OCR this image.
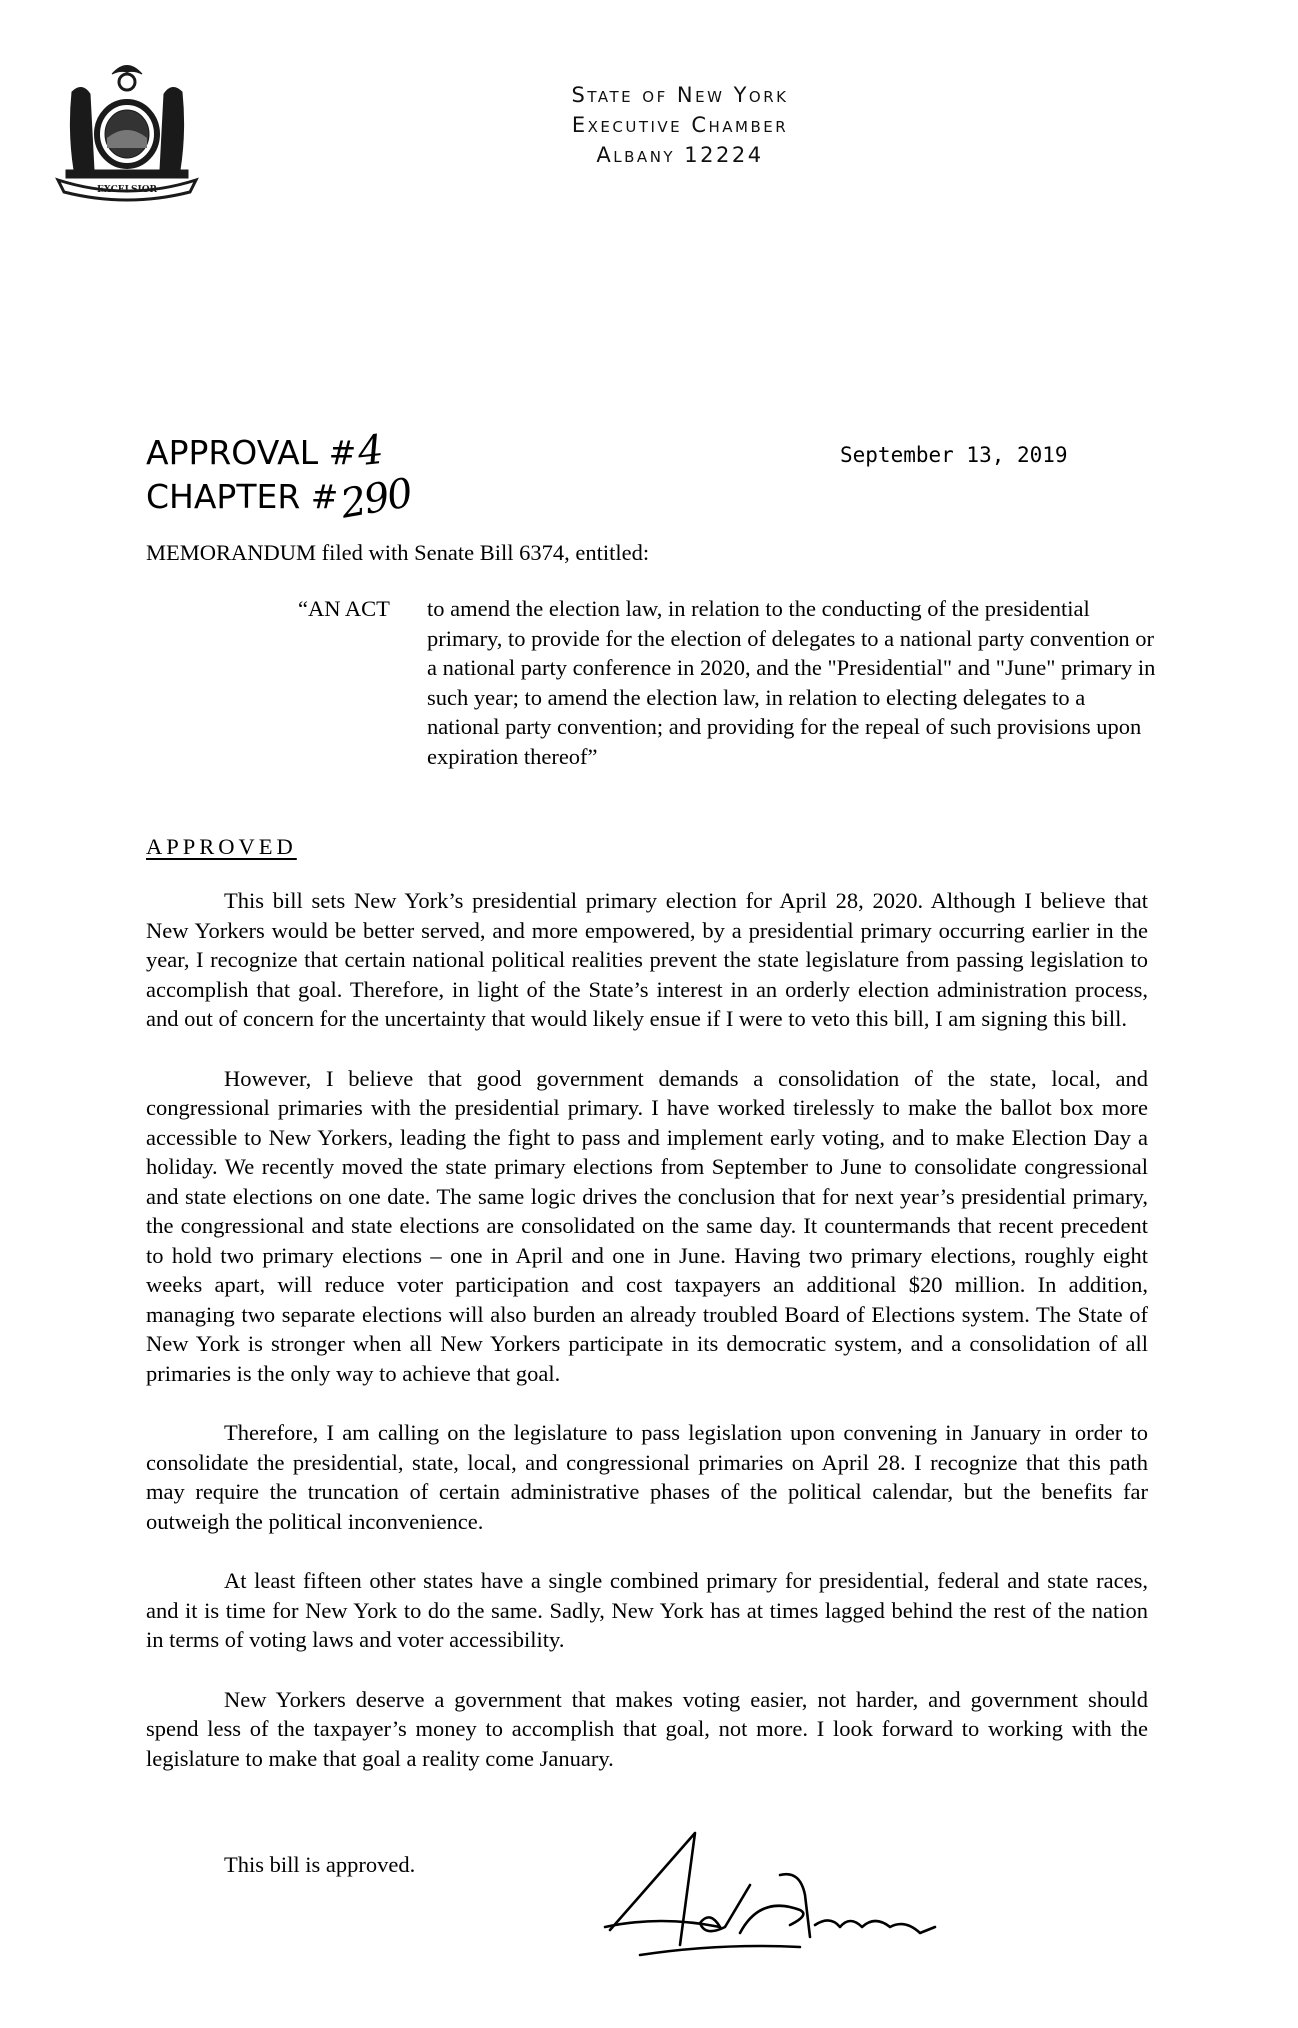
EXCELSIOR
State of New York
Executive Chamber
Albany 12224
APPROVAL #4
CHAPTER #290
September 13, 2019
MEMORANDUM filed with Senate Bill 6374, entitled:
“AN ACT to amend the election law, in relation to the conducting of the presidential primary, to provide for the election of delegates to a national party convention or a national party conference in 2020, and the "Presidential" and "June" primary in such year; to amend the election law, in relation to electing delegates to a national party convention; and providing for the repeal of such provisions upon expiration thereof”
APPROVED

This bill sets New York’s presidential primary election for April 28, 2020. Although I believe that New Yorkers would be better served, and more empowered, by a presidential primary occurring earlier in the year, I recognize that certain national political realities prevent the state legislature from passing legislation to accomplish that goal. Therefore, in light of the State’s interest in an orderly election administration process, and out of concern for the uncertainty that would likely ensue if I were to veto this bill, I am signing this bill.

However, I believe that good government demands a consolidation of the state, local, and congressional primaries with the presidential primary. I have worked tirelessly to make the ballot box more accessible to New Yorkers, leading the fight to pass and implement early voting, and to make Election Day a holiday. We recently moved the state primary elections from September to June to consolidate congressional and state elections on one date. The same logic drives the conclusion that for next year’s presidential primary, the congressional and state elections are consolidated on the same day. It countermands that recent precedent to hold two primary elections – one in April and one in June. Having two primary elections, roughly eight weeks apart, will reduce voter participation and cost taxpayers an additional $20 million. In addition, managing two separate elections will also burden an already troubled Board of Elections system. The State of New York is stronger when all New Yorkers participate in its democratic system, and a consolidation of all primaries is the only way to achieve that goal.

Therefore, I am calling on the legislature to pass legislation upon convening in January in order to consolidate the presidential, state, local, and congressional primaries on April 28. I recognize that this path may require the truncation of certain administrative phases of the political calendar, but the benefits far outweigh the political inconvenience.

At least fifteen other states have a single combined primary for presidential, federal and state races, and it is time for New York to do the same. Sadly, New York has at times lagged behind the rest of the nation in terms of voting laws and voter accessibility.

New Yorkers deserve a government that makes voting easier, not harder, and government should spend less of the taxpayer’s money to accomplish that goal, not more. I look forward to working with the legislature to make that goal a reality come January.

This bill is approved.
